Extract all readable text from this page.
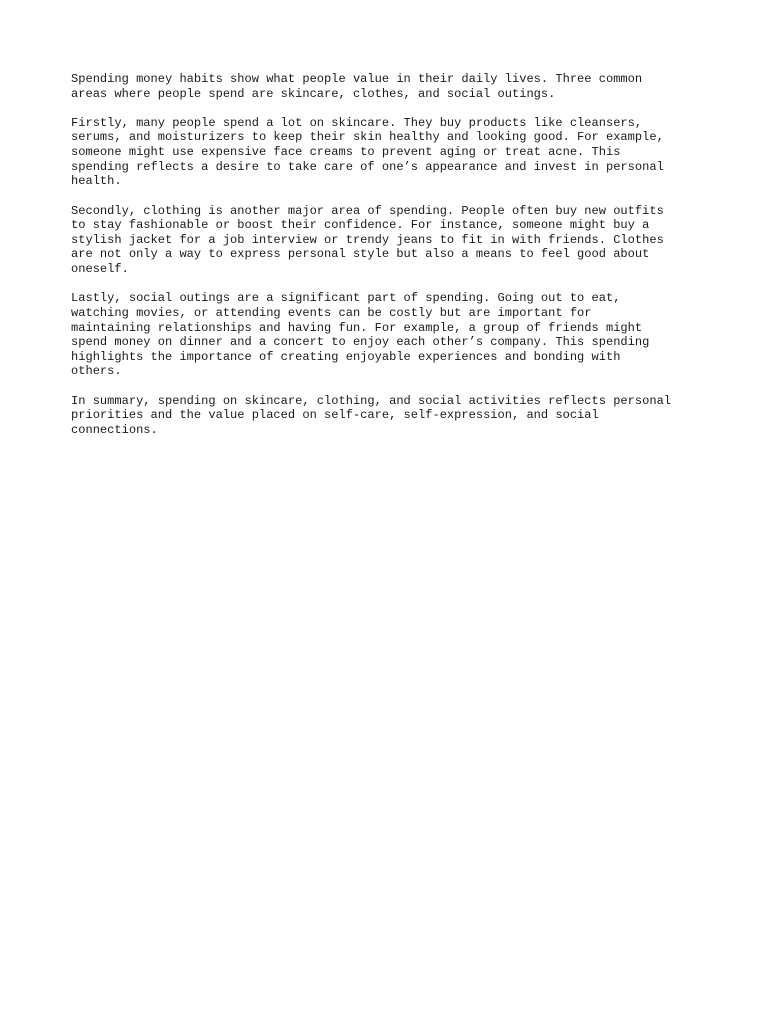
Spending money habits show what people value in their daily lives. Three common
areas where people spend are skincare, clothes, and social outings.

Firstly, many people spend a lot on skincare. They buy products like cleansers,
serums, and moisturizers to keep their skin healthy and looking good. For example,
someone might use expensive face creams to prevent aging or treat acne. This
spending reflects a desire to take care of one’s appearance and invest in personal
health.

Secondly, clothing is another major area of spending. People often buy new outfits
to stay fashionable or boost their confidence. For instance, someone might buy a
stylish jacket for a job interview or trendy jeans to fit in with friends. Clothes
are not only a way to express personal style but also a means to feel good about
oneself.

Lastly, social outings are a significant part of spending. Going out to eat,
watching movies, or attending events can be costly but are important for
maintaining relationships and having fun. For example, a group of friends might
spend money on dinner and a concert to enjoy each other’s company. This spending
highlights the importance of creating enjoyable experiences and bonding with
others.

In summary, spending on skincare, clothing, and social activities reflects personal
priorities and the value placed on self-care, self-expression, and social
connections.
